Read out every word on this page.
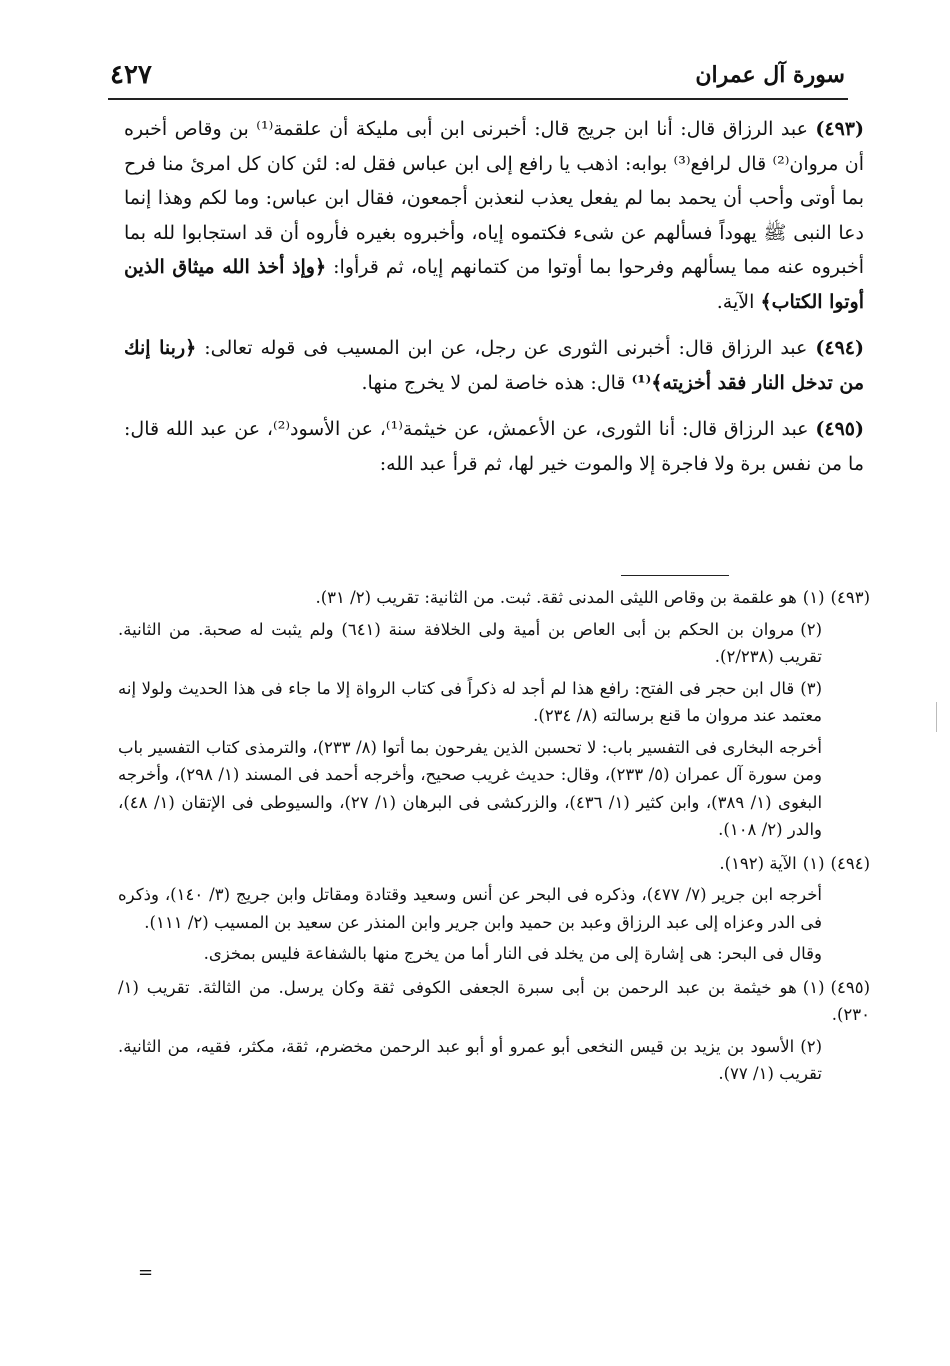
سورة آل عمران
٤٢٧

(٤٩٣) عبد الرزاق قال: أنا ابن جريج قال: أخبرنى ابن أبى مليكة أن علقمة⁽¹⁾ بن وقاص أخبره أن مروان⁽²⁾ قال لرافع⁽³⁾ بوابه: اذهب يا رافع إلى ابن عباس فقل له: لئن كان كل امرئ منا فرح بما أوتى وأحب أن يحمد بما لم يفعل يعذب لنعذبن أجمعون، فقال ابن عباس: وما لكم وهذا إنما دعا النبى ﷺ يهوداً فسألهم عن شىء فكتموه إياه، وأخبروه بغيره فأروه أن قد استجابوا لله بما أخبروه عنه مما يسألهم وفرحوا بما أوتوا من كتمانهم إياه، ثم قرأوا: ﴿وإذ أخذ الله ميثاق الذين أوتوا الكتاب﴾ الآية.

(٤٩٤) عبد الرزاق قال: أخبرنى الثورى عن رجل، عن ابن المسيب فى قوله تعالى: ﴿ربنا إنك من تدخل النار فقد أخزيته﴾⁽¹⁾ قال: هذه خاصة لمن لا يخرج منها.

(٤٩٥) عبد الرزاق قال: أنا الثورى، عن الأعمش، عن خيثمة⁽¹⁾، عن الأسود⁽²⁾، عن عبد الله قال: ما من نفس برة ولا فاجرة إلا والموت خير لها، ثم قرأ عبد الله:

(٤٩٣)(١)هو علقمة بن وقاص الليثى المدنى ثقة. ثبت. من الثانية: تقريب (٢/ ٣١).

(٢)مروان بن الحكم بن أبى العاص بن أمية ولى الخلافة سنة (٦٤١) ولم يثبت له صحبة. من الثانية. تقريب (٢/٢٣٨).

(٣)قال ابن حجر فى الفتح: رافع هذا لم أجد له ذكراً فى كتاب الرواة إلا ما جاء فى هذا الحديث ولولا إنه معتمد عند مروان ما قنع برسالته (٨/ ٢٣٤).

أخرجه البخارى فى التفسير باب: لا تحسبن الذين يفرحون بما أتوا (٨/ ٢٣٣)، والترمذى كتاب التفسير باب ومن سورة آل عمران (٥/ ٢٣٣)، وقال: حديث غريب صحيح، وأخرجه أحمد فى المسند (١/ ٢٩٨)، وأخرجه البغوى (١/ ٣٨٩)، وابن كثير (١/ ٤٣٦)، والزركشى فى البرهان (١/ ٢٧)، والسيوطى فى الإتقان (١/ ٤٨)، والدر (٢/ ١٠٨).

(٤٩٤)(١)الآية (١٩٢).

أخرجه ابن جرير (٧/ ٤٧٧)، وذكره فى البحر عن أنس وسعيد وقتادة ومقاتل وابن جريج (٣/ ١٤٠)، وذكره فى الدر وعزاه إلى عبد الرزاق وعبد بن حميد وابن جرير وابن المنذر عن سعيد بن المسيب (٢/ ١١١).

وقال فى البحر: هى إشارة إلى من يخلد فى النار أما من يخرج منها بالشفاعة فليس بمخزى.

(٤٩٥)(١)هو خيثمة بن عبد الرحمن بن أبى سبرة الجعفى الكوفى ثقة وكان يرسل. من الثالثة. تقريب (١/ ٢٣٠).

(٢)الأسود بن يزيد بن قيس النخعى أبو عمرو أو أبو عبد الرحمن مخضرم، ثقة، مكثر، فقيه، من الثانية. تقريب (١/ ٧٧).

=
